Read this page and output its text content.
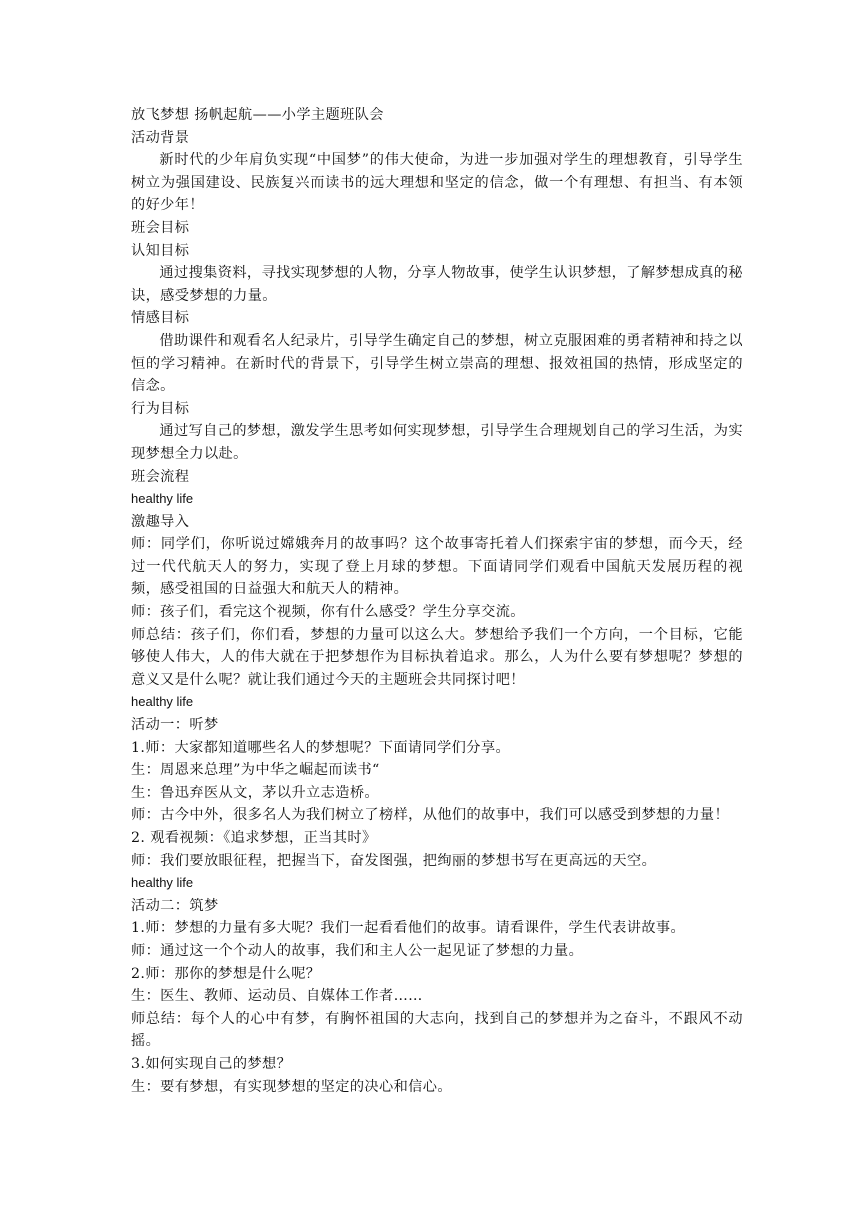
放飞梦想 扬帆起航——小学主题班队会

活动背景

新时代的少年肩负实现“中国梦”的伟大使命，为进一步加强对学生的理想教育，引导学生树立为强国建设、民族复兴而读书的远大理想和坚定的信念，做一个有理想、有担当、有本领的好少年！

班会目标

认知目标

通过搜集资料，寻找实现梦想的人物，分享人物故事，使学生认识梦想，了解梦想成真的秘诀，感受梦想的力量。

情感目标

借助课件和观看名人纪录片，引导学生确定自己的梦想，树立克服困难的勇者精神和持之以恒的学习精神。在新时代的背景下，引导学生树立崇高的理想、报效祖国的热情，形成坚定的信念。

行为目标

通过写自己的梦想，激发学生思考如何实现梦想，引导学生合理规划自己的学习生活，为实现梦想全力以赴。

班会流程

healthy life

激趣导入

师：同学们，你听说过嫦娥奔月的故事吗？这个故事寄托着人们探索宇宙的梦想，而今天，经过一代代航天人的努力，实现了登上月球的梦想。下面请同学们观看中国航天发展历程的视频，感受祖国的日益强大和航天人的精神。

师：孩子们，看完这个视频，你有什么感受？学生分享交流。

师总结：孩子们，你们看，梦想的力量可以这么大。梦想给予我们一个方向，一个目标，它能够使人伟大，人的伟大就在于把梦想作为目标执着追求。那么，人为什么要有梦想呢？梦想的意义又是什么呢？就让我们通过今天的主题班会共同探讨吧！

healthy life

活动一：听梦

1.师：大家都知道哪些名人的梦想呢？下面请同学们分享。

生：周恩来总理”为中华之崛起而读书“

生：鲁迅弃医从文，茅以升立志造桥。

师：古今中外，很多名人为我们树立了榜样，从他们的故事中，我们可以感受到梦想的力量！

2. 观看视频：《追求梦想，正当其时》

师：我们要放眼征程，把握当下，奋发图强，把绚丽的梦想书写在更高远的天空。

healthy life

活动二：筑梦

1.师：梦想的力量有多大呢？我们一起看看他们的故事。请看课件，学生代表讲故事。

师：通过这一个个动人的故事，我们和主人公一起见证了梦想的力量。

2.师：那你的梦想是什么呢？

生：医生、教师、运动员、自媒体工作者……

师总结：每个人的心中有梦，有胸怀祖国的大志向，找到自己的梦想并为之奋斗，不跟风不动摇。

3.如何实现自己的梦想？

生：要有梦想，有实现梦想的坚定的决心和信心。
